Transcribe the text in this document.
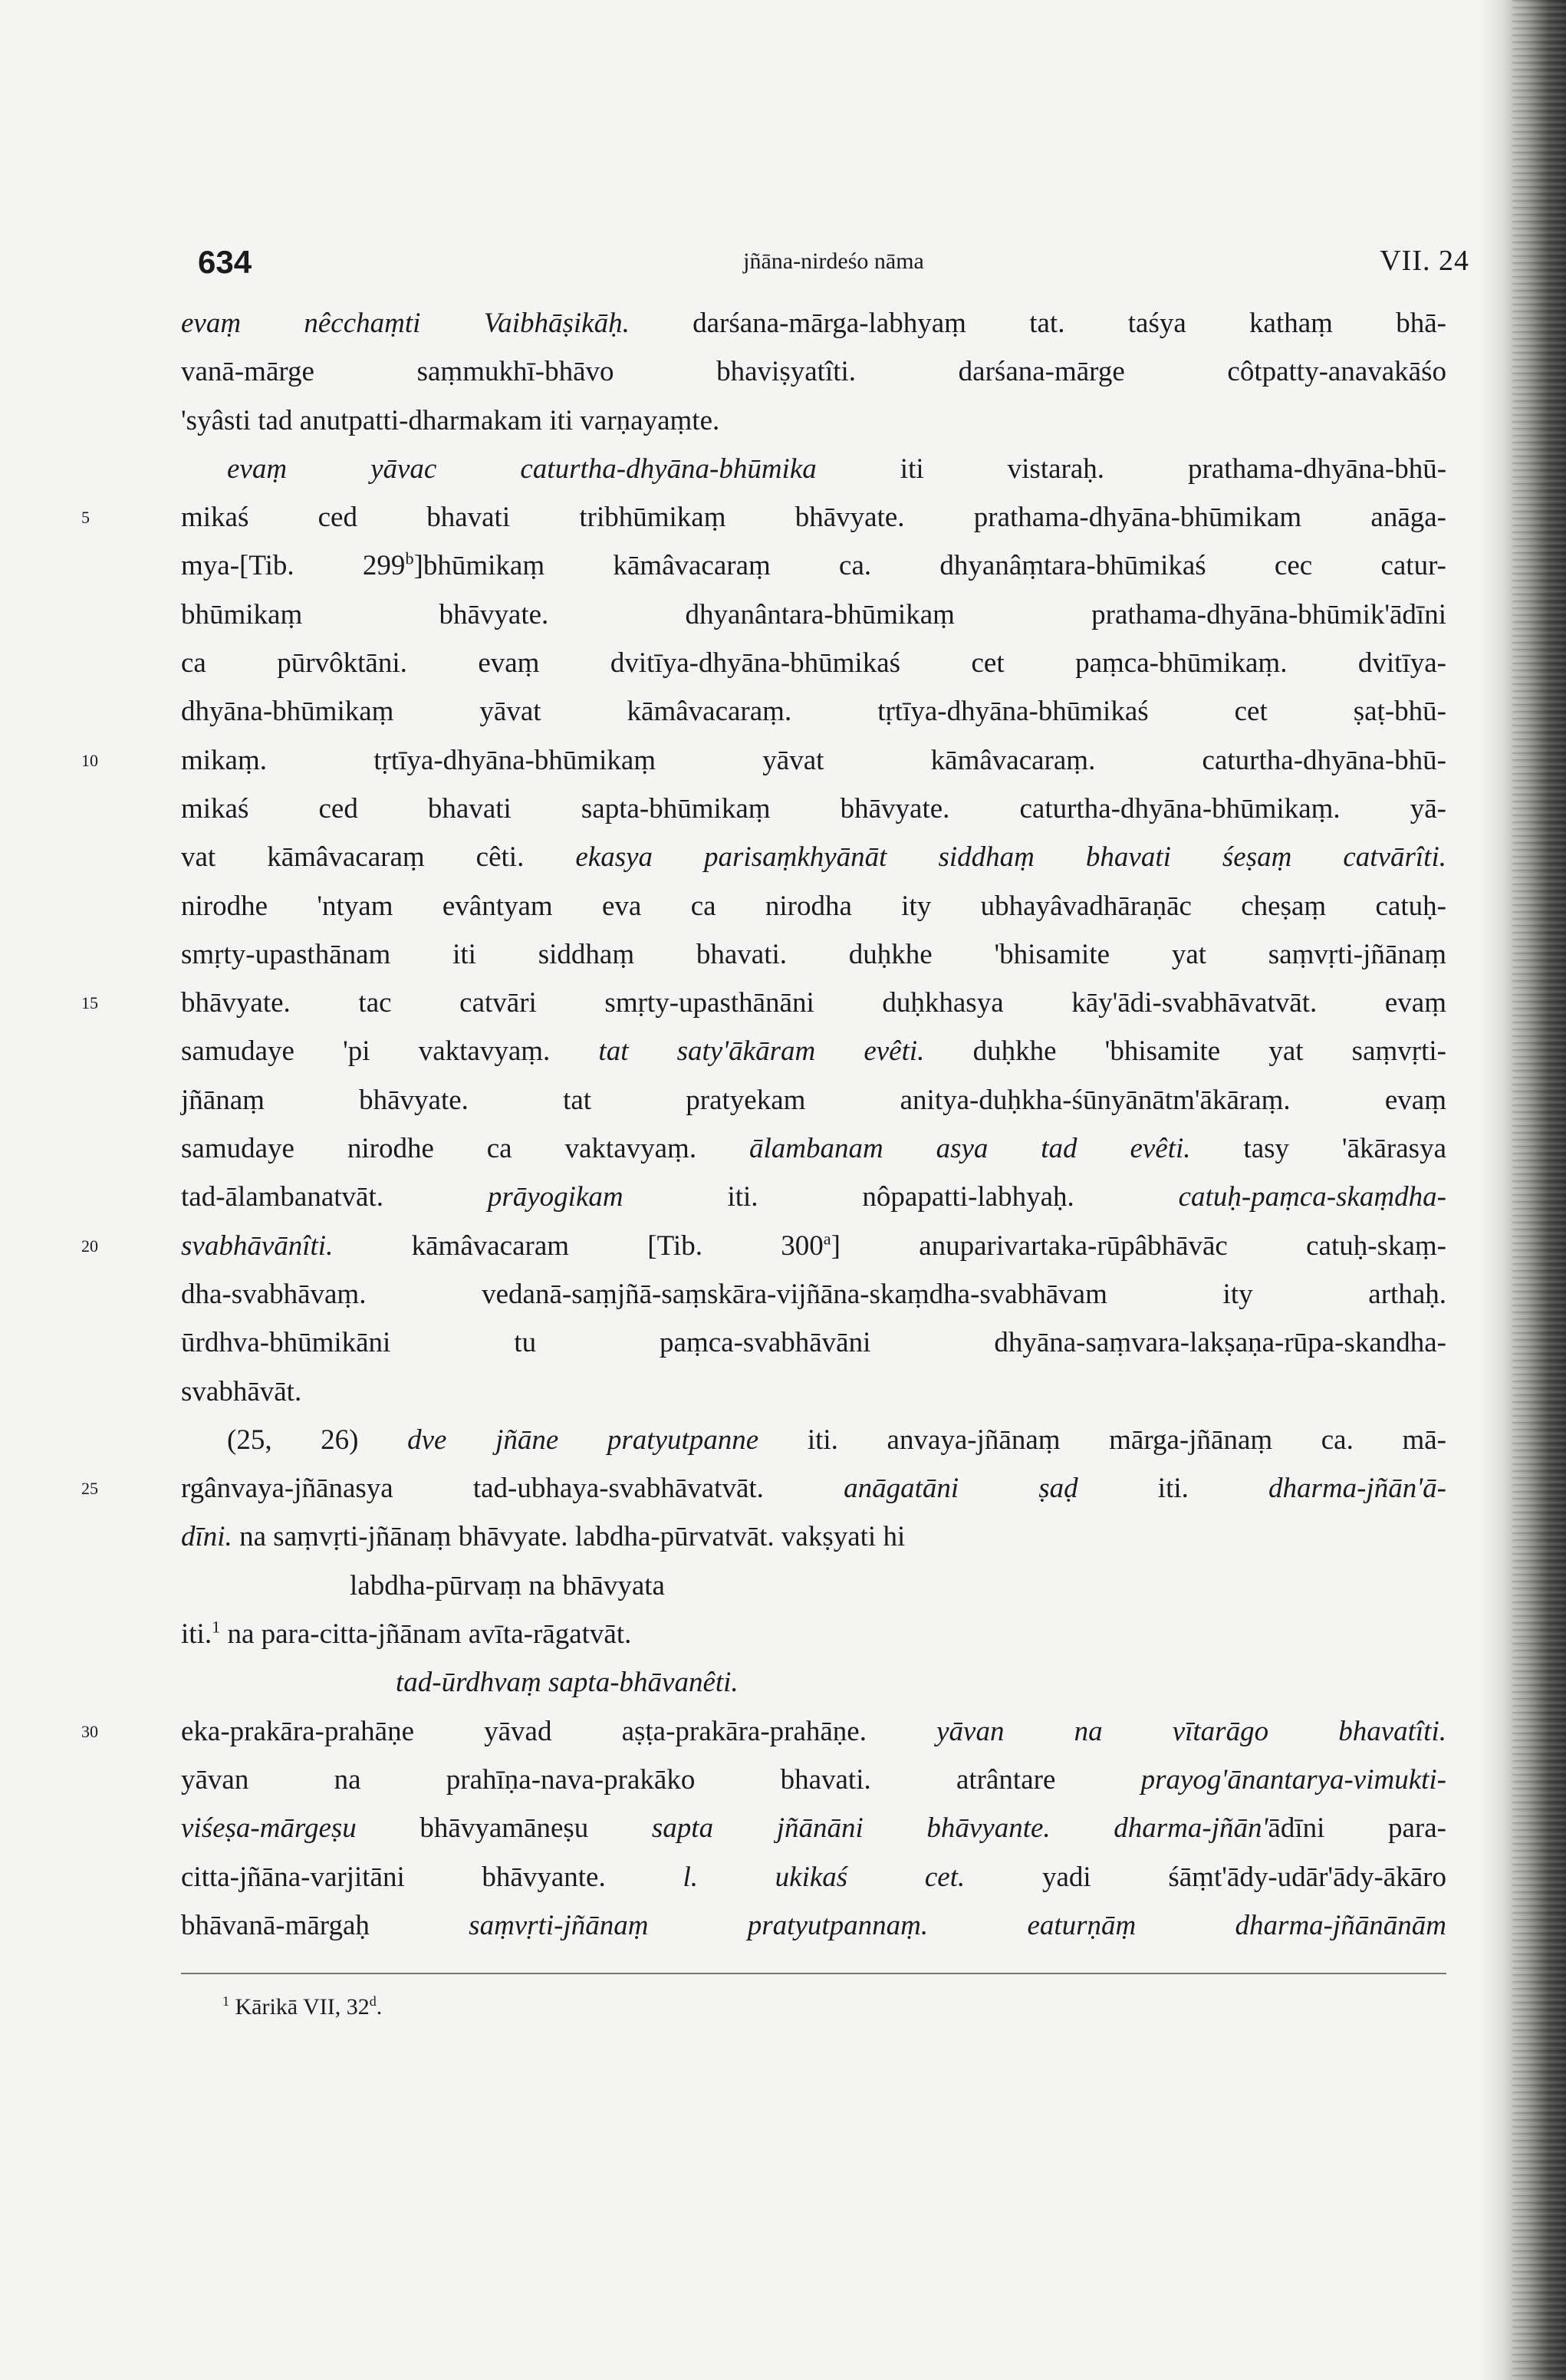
634	jñāna-nirdeśo nāma	VII. 24
evaṃ nêcchaṃti Vaibhāṣikāḥ. darśana-mārga-labhyaṃ tat. taśya kathaṃ bhā-
vanā-mārge saṃmukhī-bhāvo bhaviṣyatîti. darśana-mārge côtpatty-anavakāśo
'syâsti tad anutpatti-dharmakam iti varṇayaṃte.
evaṃ yāvac caturtha-dhyāna-bhūmika iti vistaraḥ. prathama-dhyāna-bhū-
5	mikaś ced bhavati tribhūmikaṃ bhāvyate. prathama-dhyāna-bhūmikam anāga-
mya-[Tib. 299$^b$]bhūmikaṃ kāmâvacaraṃ ca. dhyanâṃtara-bhūmikaś cec catur-
bhūmikaṃ bhāvyate. dhyanântara-bhūmikaṃ prathama-dhyāna-bhūmik'ādīni
ca pūrvôktāni. evaṃ dvitīya-dhyāna-bhūmikaś cet paṃca-bhūmikaṃ. dvitīya-
dhyāna-bhūmikaṃ yāvat kāmâvacaraṃ. tṛtīya-dhyāna-bhūmikaś cet ṣaṭ-bhū-
10	mikaṃ. tṛtīya-dhyāna-bhūmikaṃ yāvat kāmâvacaraṃ. caturtha-dhyāna-bhū-
mikaś ced bhavati sapta-bhūmikaṃ bhāvyate. caturtha-dhyāna-bhūmikaṃ. yā-
vat kāmâvacaraṃ cêti. ekasya parisaṃkhyānāt siddhaṃ bhavati śeṣaṃ catvārîti.
nirodhe 'ntyam evântyam eva ca nirodha ity ubhayâvadhāraṇāc cheṣaṃ catuḥ-
smṛty-upasthānam iti siddhaṃ bhavati. duḥkhe 'bhisamite yat saṃvṛti-jñānaṃ
15	bhāvyate. tac catvāri smṛty-upasthānāni duḥkhasya kāy'ādi-svabhāvatvāt. evaṃ
samudaye 'pi vaktavyaṃ. tat saty'ākāram evêti. duḥkhe 'bhisamite yat saṃvṛti-
jñānaṃ bhāvyate. tat pratyekam anitya-duḥkha-śūnyānātm'ākāraṃ. evaṃ
samudaye nirodhe ca vaktavyaṃ. ālambanam asya tad evêti. tasy 'ākārasya
tad-ālambanatvāt. prāyogikam iti. nôpapatti-labhyaḥ. catuḥ-paṃca-skaṃdha-
20	svabhāvānîti. kāmâvacaram [Tib. 300$^a$] anuparivartaka-rūpâbhāvāc catuḥ-skaṃ-
dha-svabhāvaṃ. vedanā-saṃjñā-saṃskāra-vijñāna-skaṃdha-svabhāvam ity arthaḥ.
ūrdhva-bhūmikāni tu paṃca-svabhāvāni dhyāna-saṃvara-lakṣaṇa-rūpa-skandha-
svabhāvāt.
(25, 26) dve jñāne pratyutpanne iti. anvaya-jñānaṃ mārga-jñānaṃ ca. mā-
25	rgânvaya-jñānasya tad-ubhaya-svabhāvatvāt. anāgatāni ṣaḍ iti. dharma-jñān'ā-
dīni. na saṃvṛti-jñānaṃ bhāvyate. labdha-pūrvatvāt. vakṣyati hi
labdha-pūrvaṃ na bhāvyata
iti.$^1$ na para-citta-jñānam avīta-rāgatvāt.
tad-ūrdhvaṃ sapta-bhāvanêti.
30	eka-prakāra-prahāṇe yāvad aṣṭa-prakāra-prahāṇe. yāvan na vītarāgo bhavatîti.
yāvan na prahīṇa-nava-prakāko bhavati. atrântare prayog'ānantarya-vimukti-
viśeṣa-mārgeṣu bhāvyamāneṣu sapta jñānāni bhāvyante. dharma-jñān'ādīni para-
citta-jñāna-varjitāni bhāvyante. l. ukikaś cet. yadi śāṃt'ādy-udār'ādy-ākāro
bhāvanā-mārgaḥ saṃvṛti-jñānaṃ pratyutpannaṃ.	eaturṇāṃ dharma-jñānānām
$^1$ Kārikā VII, 32$^d$.
